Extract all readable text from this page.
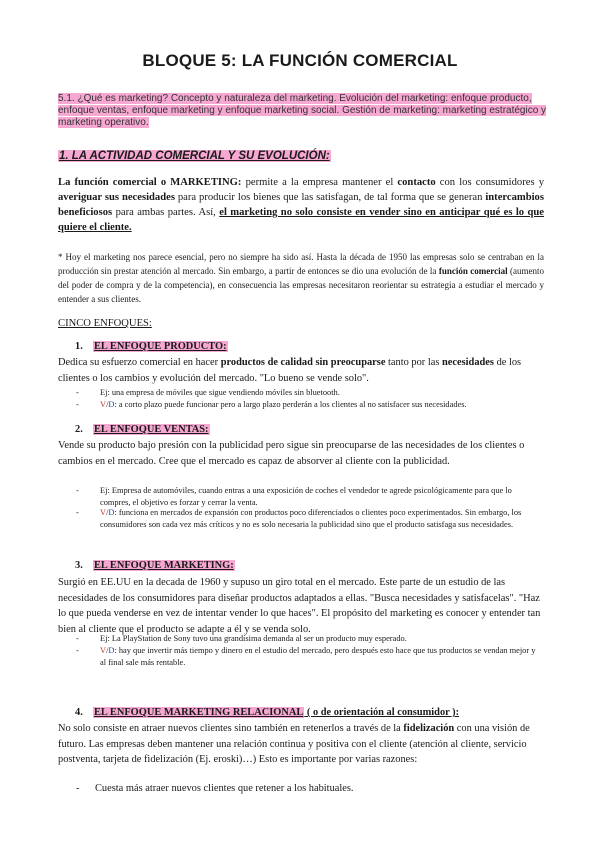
BLOQUE 5: LA FUNCIÓN COMERCIAL
5.1. ¿Qué es marketing? Concepto y naturaleza del marketing. Evolución del marketing: enfoque producto, enfoque ventas, enfoque marketing y enfoque marketing social. Gestión de marketing: marketing estratégico y marketing operativo.
1. LA ACTIVIDAD COMERCIAL Y SU EVOLUCIÓN:
La función comercial o MARKETING: permite a la empresa mantener el contacto con los consumidores y averiguar sus necesidades para producir los bienes que las satisfagan, de tal forma que se generan intercambios beneficiosos para ambas partes. Así, el marketing no solo consiste en vender sino en anticipar qué es lo que quiere el cliente.
* Hoy el marketing nos parece esencial, pero no siempre ha sido así. Hasta la década de 1950 las empresas solo se centraban en la producción sin prestar atención al mercado. Sin embargo, a partir de entonces se dio una evolución de la función comercial (aumento del poder de compra y de la competencia), en consecuencia las empresas necesitaron reorientar su estrategia a estudiar el mercado y entender a sus clientes.
CINCO ENFOQUES:
1. EL ENFOQUE PRODUCTO:
Dedica su esfuerzo comercial en hacer productos de calidad sin preocuparse tanto por las necesidades de los clientes o los cambios y evolución del mercado. "Lo bueno se vende solo".
-	Ej: una empresa de móviles que sigue vendiendo móviles sin bluetooth.
-	V/D: a corto plazo puede funcionar pero a largo plazo perderán a los clientes al no satisfacer sus necesidades.
2. EL ENFOQUE VENTAS:
Vende su producto bajo presión con la publicidad pero sigue sin preocuparse de las necesidades de los clientes o cambios en el mercado. Cree que el mercado es capaz de absorver al cliente con la publicidad.
-	Ej: Empresa de automóviles, cuando entras a una exposición de coches el vendedor te agrede psicológicamente para que lo compres, el objetivo es forzar y cerrar la venta.
-	V/D: funciona en mercados de expansión con productos poco diferenciados o clientes poco experimentados. Sin embargo, los consumidores son cada vez más críticos y no es solo necesaria la publicidad sino que el producto satisfaga sus necesidades.
3. EL ENFOQUE MARKETING:
Surgió en EE.UU en la decada de 1960 y supuso un giro total en el mercado. Este parte de un estudio de las necesidades de los consumidores para diseñar productos adaptados a ellas. "Busca necesidades y satisfacelas". "Haz lo que pueda venderse en vez de intentar vender lo que haces". El propósito del marketing es conocer y entender tan bien al cliente que el producto se adapte a él y se venda solo.
-	Ej: La PlayStation de Sony tuvo una grandísima demanda al ser un producto muy esperado.
-	V/D: hay que invertir más tiempo y dinero en el estudio del mercado, pero después esto hace que tus productos se vendan mejor y al final sale más rentable.
4. EL ENFOQUE MARKETING RELACIONAL ( o de orientación al consumidor ):
No solo consiste en atraer nuevos clientes sino también en retenerlos a través de la fidelización con una visión de futuro. Las empresas deben mantener una relación continua y positiva con el cliente (atención al cliente, servicio postventa, tarjeta de fidelización (Ej. eroski)…) Esto es importante por varias razones:
- Cuesta más atraer nuevos clientes que retener a los habituales.
